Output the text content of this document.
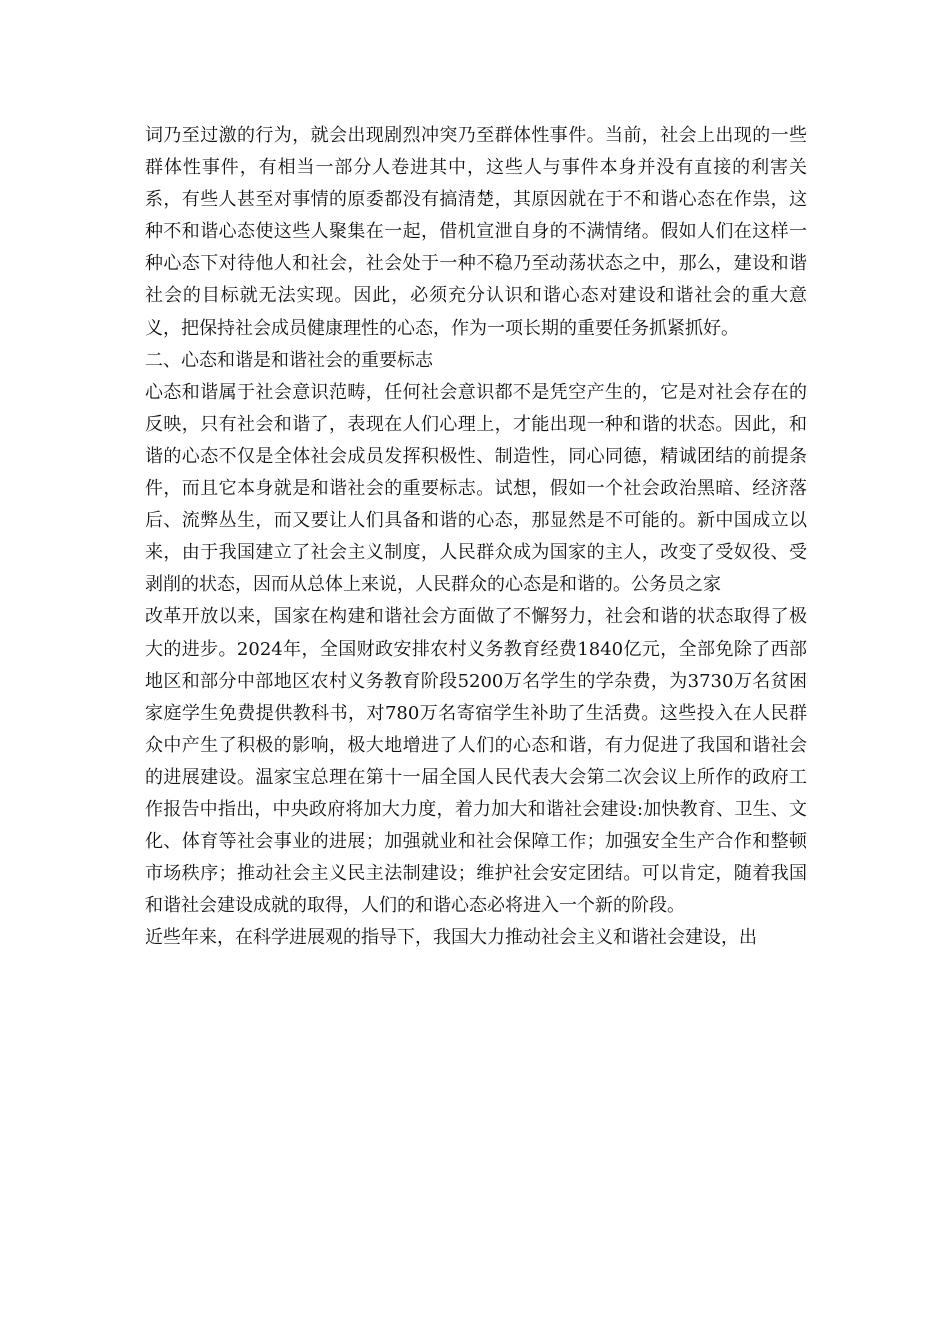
词乃至过激的行为，就会出现剧烈冲突乃至群体性事件。当前，社会上出现的一些群体性事件，有相当一部分人卷进其中，这些人与事件本身并没有直接的利害关系，有些人甚至对事情的原委都没有搞清楚，其原因就在于不和谐心态在作祟，这种不和谐心态使这些人聚集在一起，借机宣泄自身的不满情绪。假如人们在这样一种心态下对待他人和社会，社会处于一种不稳乃至动荡状态之中，那么，建设和谐社会的目标就无法实现。因此，必须充分认识和谐心态对建设和谐社会的重大意义，把保持社会成员健康理性的心态，作为一项长期的重要任务抓紧抓好。

二、心态和谐是和谐社会的重要标志

心态和谐属于社会意识范畴，任何社会意识都不是凭空产生的，它是对社会存在的反映，只有社会和谐了，表现在人们心理上，才能出现一种和谐的状态。因此，和谐的心态不仅是全体社会成员发挥积极性、制造性，同心同德，精诚团结的前提条件，而且它本身就是和谐社会的重要标志。试想，假如一个社会政治黑暗、经济落后、流弊丛生，而又要让人们具备和谐的心态，那显然是不可能的。新中国成立以来，由于我国建立了社会主义制度，人民群众成为国家的主人，改变了受奴役、受剥削的状态，因而从总体上来说，人民群众的心态是和谐的。公务员之家

改革开放以来，国家在构建和谐社会方面做了不懈努力，社会和谐的状态取得了极大的进步。2024年，全国财政安排农村义务教育经费1840亿元，全部免除了西部地区和部分中部地区农村义务教育阶段5200万名学生的学杂费，为3730万名贫困家庭学生免费提供教科书，对780万名寄宿学生补助了生活费。这些投入在人民群众中产生了积极的影响，极大地增进了人们的心态和谐，有力促进了我国和谐社会的进展建设。温家宝总理在第十一届全国人民代表大会第二次会议上所作的政府工作报告中指出，中央政府将加大力度，着力加大和谐社会建设:加快教育、卫生、文化、体育等社会事业的进展；加强就业和社会保障工作；加强安全生产合作和整顿市场秩序；推动社会主义民主法制建设；维护社会安定团结。可以肯定，随着我国和谐社会建设成就的取得，人们的和谐心态必将进入一个新的阶段。

近些年来，在科学进展观的指导下，我国大力推动社会主义和谐社会建设，出
